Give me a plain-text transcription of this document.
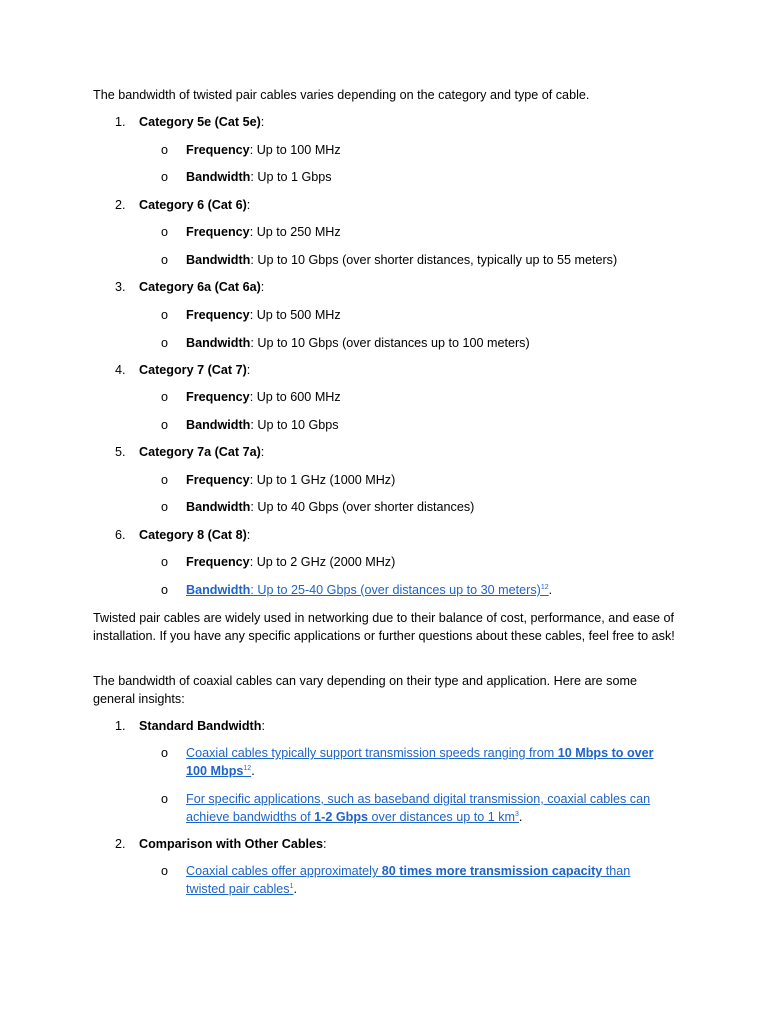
The bandwidth of twisted pair cables varies depending on the category and type of cable.

1. Category 5e (Cat 5e):
o	Frequency: Up to 100 MHz
o	Bandwidth: Up to 1 Gbps
2. Category 6 (Cat 6):
o	Frequency: Up to 250 MHz
o	Bandwidth: Up to 10 Gbps (over shorter distances, typically up to 55 meters)
3. Category 6a (Cat 6a):
o	Frequency: Up to 500 MHz
o	Bandwidth: Up to 10 Gbps (over distances up to 100 meters)
4. Category 7 (Cat 7):
o	Frequency: Up to 600 MHz
o	Bandwidth: Up to 10 Gbps
5. Category 7a (Cat 7a):
o	Frequency: Up to 1 GHz (1000 MHz)
o	Bandwidth: Up to 40 Gbps (over shorter distances)
6. Category 8 (Cat 8):
o	Frequency: Up to 2 GHz (2000 MHz)
o	Bandwidth: Up to 25-40 Gbps (over distances up to 30 meters)$^{12}$.

Twisted pair cables are widely used in networking due to their balance of cost, performance, and ease of installation. If you have any specific applications or further questions about these cables, feel free to ask!

The bandwidth of coaxial cables can vary depending on their type and application. Here are some general insights:

1. Standard Bandwidth:
o	Coaxial cables typically support transmission speeds ranging from 10 Mbps to over 100 Mbps$^{12}$.
o	For specific applications, such as baseband digital transmission, coaxial cables can achieve bandwidths of 1-2 Gbps over distances up to 1 $km^3$.
2. Comparison with Other Cables:
o	Coaxial cables offer approximately 80 times more transmission capacity than twisted pair cables$^1$.
